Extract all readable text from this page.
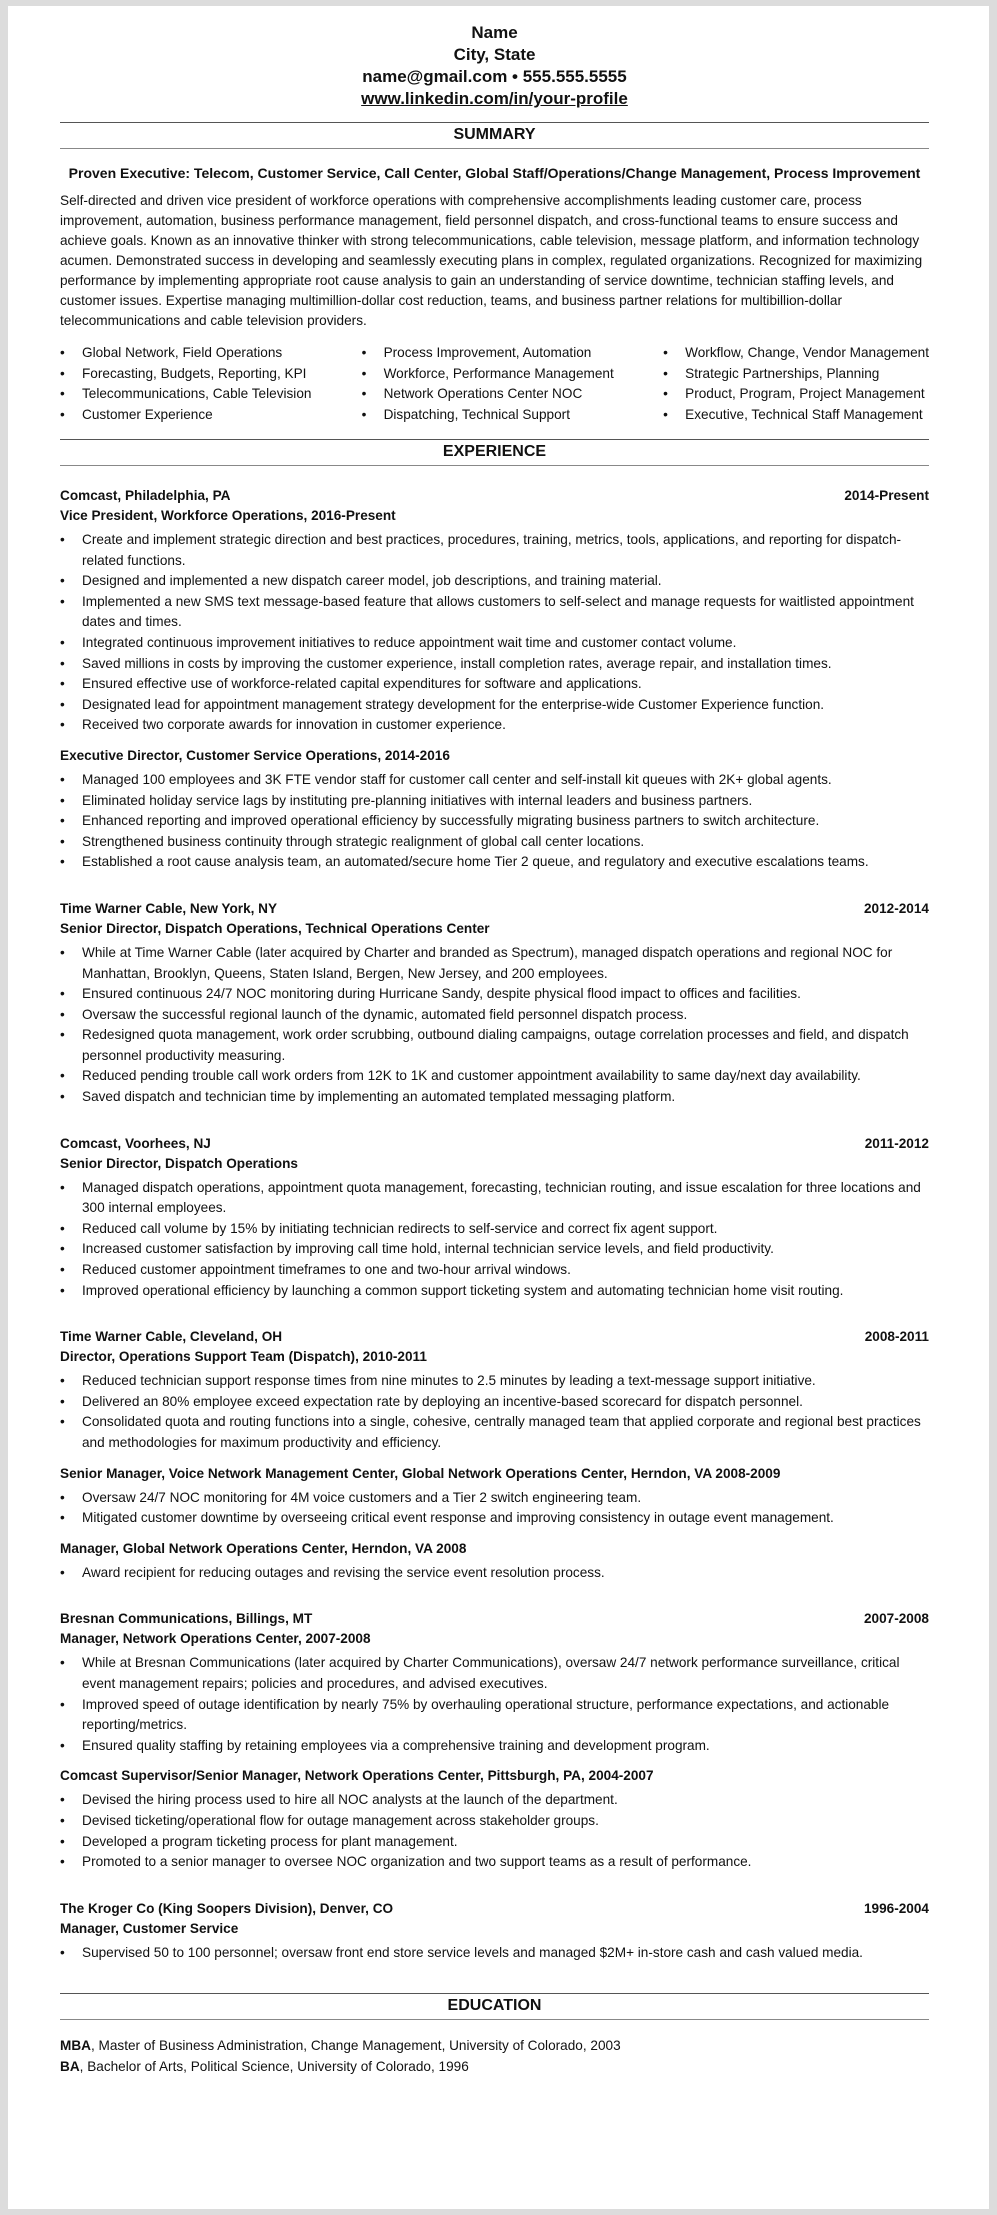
Name
City, State
name@gmail.com • 555.555.5555
www.linkedin.com/in/your-profile
SUMMARY
Proven Executive: Telecom, Customer Service, Call Center, Global Staff/Operations/Change Management, Process Improvement
Self-directed and driven vice president of workforce operations with comprehensive accomplishments leading customer care, process improvement, automation, business performance management, field personnel dispatch, and cross-functional teams to ensure success and achieve goals. Known as an innovative thinker with strong telecommunications, cable television, message platform, and information technology acumen. Demonstrated success in developing and seamlessly executing plans in complex, regulated organizations. Recognized for maximizing performance by implementing appropriate root cause analysis to gain an understanding of service downtime, technician staffing levels, and customer issues. Expertise managing multimillion-dollar cost reduction, teams, and business partner relations for multibillion-dollar telecommunications and cable television providers.
• Global Network, Field Operations
• Forecasting, Budgets, Reporting, KPI
• Telecommunications, Cable Television
• Customer Experience
• Process Improvement, Automation
• Workforce, Performance Management
• Network Operations Center NOC
• Dispatching, Technical Support
• Workflow, Change, Vendor Management
• Strategic Partnerships, Planning
• Product, Program, Project Management
• Executive, Technical Staff Management
EXPERIENCE
Comcast, Philadelphia, PA	2014-Present
Vice President, Workforce Operations, 2016-Present
• Create and implement strategic direction and best practices, procedures, training, metrics, tools, applications, and reporting for dispatch-related functions.
• Designed and implemented a new dispatch career model, job descriptions, and training material.
• Implemented a new SMS text message-based feature that allows customers to self-select and manage requests for waitlisted appointment dates and times.
• Integrated continuous improvement initiatives to reduce appointment wait time and customer contact volume.
• Saved millions in costs by improving the customer experience, install completion rates, average repair, and installation times.
• Ensured effective use of workforce-related capital expenditures for software and applications.
• Designated lead for appointment management strategy development for the enterprise-wide Customer Experience function.
• Received two corporate awards for innovation in customer experience.
Executive Director, Customer Service Operations, 2014-2016
• Managed 100 employees and 3K FTE vendor staff for customer call center and self-install kit queues with 2K+ global agents.
• Eliminated holiday service lags by instituting pre-planning initiatives with internal leaders and business partners.
• Enhanced reporting and improved operational efficiency by successfully migrating business partners to switch architecture.
• Strengthened business continuity through strategic realignment of global call center locations.
• Established a root cause analysis team, an automated/secure home Tier 2 queue, and regulatory and executive escalations teams.
Time Warner Cable, New York, NY	2012-2014
Senior Director, Dispatch Operations, Technical Operations Center
• While at Time Warner Cable (later acquired by Charter and branded as Spectrum), managed dispatch operations and regional NOC for Manhattan, Brooklyn, Queens, Staten Island, Bergen, New Jersey, and 200 employees.
• Ensured continuous 24/7 NOC monitoring during Hurricane Sandy, despite physical flood impact to offices and facilities.
• Oversaw the successful regional launch of the dynamic, automated field personnel dispatch process.
• Redesigned quota management, work order scrubbing, outbound dialing campaigns, outage correlation processes and field, and dispatch personnel productivity measuring.
• Reduced pending trouble call work orders from 12K to 1K and customer appointment availability to same day/next day availability.
• Saved dispatch and technician time by implementing an automated templated messaging platform.
Comcast, Voorhees, NJ	2011-2012
Senior Director, Dispatch Operations
• Managed dispatch operations, appointment quota management, forecasting, technician routing, and issue escalation for three locations and 300 internal employees.
• Reduced call volume by 15% by initiating technician redirects to self-service and correct fix agent support.
• Increased customer satisfaction by improving call time hold, internal technician service levels, and field productivity.
• Reduced customer appointment timeframes to one and two-hour arrival windows.
• Improved operational efficiency by launching a common support ticketing system and automating technician home visit routing.
Time Warner Cable, Cleveland, OH	2008-2011
Director, Operations Support Team (Dispatch), 2010-2011
• Reduced technician support response times from nine minutes to 2.5 minutes by leading a text-message support initiative.
• Delivered an 80% employee exceed expectation rate by deploying an incentive-based scorecard for dispatch personnel.
• Consolidated quota and routing functions into a single, cohesive, centrally managed team that applied corporate and regional best practices and methodologies for maximum productivity and efficiency.
Senior Manager, Voice Network Management Center, Global Network Operations Center, Herndon, VA 2008-2009
• Oversaw 24/7 NOC monitoring for 4M voice customers and a Tier 2 switch engineering team.
• Mitigated customer downtime by overseeing critical event response and improving consistency in outage event management.
Manager, Global Network Operations Center, Herndon, VA 2008
• Award recipient for reducing outages and revising the service event resolution process.
Bresnan Communications, Billings, MT	2007-2008
Manager, Network Operations Center, 2007-2008
• While at Bresnan Communications (later acquired by Charter Communications), oversaw 24/7 network performance surveillance, critical event management repairs; policies and procedures, and advised executives.
• Improved speed of outage identification by nearly 75% by overhauling operational structure, performance expectations, and actionable reporting/metrics.
• Ensured quality staffing by retaining employees via a comprehensive training and development program.
Comcast Supervisor/Senior Manager, Network Operations Center, Pittsburgh, PA, 2004-2007
• Devised the hiring process used to hire all NOC analysts at the launch of the department.
• Devised ticketing/operational flow for outage management across stakeholder groups.
• Developed a program ticketing process for plant management.
• Promoted to a senior manager to oversee NOC organization and two support teams as a result of performance.
The Kroger Co (King Soopers Division), Denver, CO	1996-2004
Manager, Customer Service
• Supervised 50 to 100 personnel; oversaw front end store service levels and managed $2M+ in-store cash and cash valued media.
EDUCATION
MBA, Master of Business Administration, Change Management, University of Colorado, 2003
BA, Bachelor of Arts, Political Science, University of Colorado, 1996
